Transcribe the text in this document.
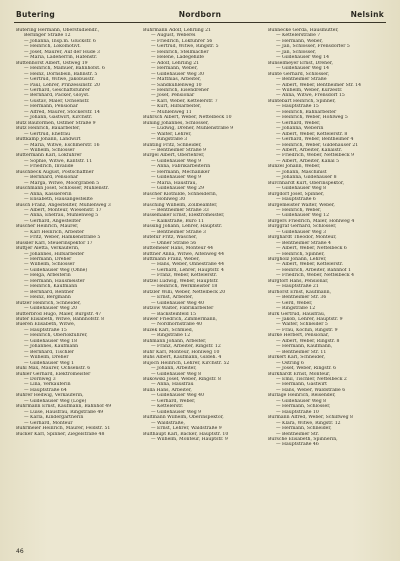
Butering	Nordborn	Nelsink
Butering Hermann, Oberstudiendr.,
Berlinger Straße 12
— Johanna, Insp.m. Glückstr. 6
— Heinrich, Lokomotivf.
— Josef, Maurer, Auf der Hude 3
— Maria, Ladeherrin, Hafenstr.
Buttenhorst Albert, Ostweg 19
— Heinrich, Mamuer, Bahnhofst. 6
— Heinz, Dornsbein, Bahnstr. 5
— Gertrud, Witwe, Jakobusstr.
— Paul, Lehrer, Prinzessinstr. 20
— Gerhard, Geschäftsführer
— Bernhard, Packer, Gloyst.
— Gustav, Maler, Ochsenstr.
— Hermann, Pensionär
— Alfred, Maurer, Stöckerstr. 14
— Johann, Gastwirt, Kirchstr.
Butz Bauformen, Ostmer Straße 9
Butz Heinrich, Bauarbeiter,
— Gertrud, Ehefrau
Buttkamp Johann, Landwirt
— Maria, Witwe, Eschmerstr. 16
— Wilhelm, Schlosser
Buttermann Karl, Lokführer
— Sophie, Witwe, Kantstr. 11
— Friedrich, Invalide
Buschbeck August, Postschaffner
— Bernhard, Pensionär
— Marga, Witwe, Moorgraben 5
Buschmann Josef, Schlosser, Mühlenstr.
— Anna, Kassiererin
— Elisabeth, Hausangestellte
Busch Franz, Angestellter, Mühlenweg 3
— Albert, Monteur, Wiesenstr. 17
— Anna, Ehefrau, Mühlenweg 5
— Gerhard, Angestellter
Buscher Heinrich, Maurer,
— Karl Heinrich, Arbeiter
— Fritz, Weber, Hamkenstraße 5
Bussler Karl, Steuerinspektor 17
Buttjer Aletta, Verkäuferin,
— Johannes, Hilfsarbeiter
— Hermann, Dreher
— Wilhelm, Schlosser
— Gildehauser Weg (Ohne)
— Helga, Arbeiterin
— Hermann, Hausmeister
— Heinrich, Kaufmann
— Bernhard, Rentner
— Heinz, Bergmann
Butzer Heinrich, Schneider,
— Gildehauser Weg 20
Bütterbrod Hugo, Maler, Burgstr. 47
Büter Elisabeth, Witwe, Bahnhofstr. 8
Bueren Elisabeth, Witwe,
— Hauptstraße 15
— Heinrich, Oberlokführer,
— Gildehauser Weg 18
— Johannes, Kaufmann
— Bernhard, Tischler
— Wilhelm, Dreher
— Gildehauser Weg 1
Bühl Max, Maurer, Ochsenstr. 6
Bühler Gerhard, Elektromeister
— Dornweg 3
— Lina, Verkäuferin
— Hauptstraße 64
Bührer Hedwig, Verkäuferin,
— Gildehauser Weg (Loge)
Bührmann Ernst, Kaufmann, Bahnhof 49
— Luise, Hausfrau, Ringstraße 49
— Karla, Kindergärtnerin
— Gerhard, Monteur
Bührmeier Heinrich, Maurer, Feldstr. 51
Bücker Karl, Spinner, Ziegelstraße 48
Bührmann Adolf, Lehrling 21
— August, Weberei
— Friedrich, Lokführer 56
— Gertrud, Witwe, Ringstr. 5
— Heinrich, Stellmacher
— Helene, Ladegehilfe
— Adolf, Lehrling 21
— Hermann, Weber,
— Gildehauser Weg 30
— Matthias, Arbeiter,
— Sandkuhlenweg 10
— Heinrich, Eisendreher
— Josef, Pensionär
— Karl, Weber, Kettelerstr. 7
— Kurt, Hilfsarbeiter,
— Mühlenweg 11
Bührsch Albert, Weber, Nettelbeck 10
Büning Johannes, Schlosser,
— Ludwig, Dreher, Mühlenstraße 9
— Walter, Lehrer,
— Ringstraße 3
Bünting Fritz, Schneider,
— Bentheimer Straße 9
Bürgel Albert, Oberlehrer,
— Gildehauser Weg 9
— Anna, Fabrikarbeiterin
— Hermann, Mechaniker
— Gildehauser Weg 9
— Maria, Hausfrau,
— Gildehauser Weg 29
Büscher Klothilde, Schneiderin,
— Hohlweg 30
Büsching Wilhelm, Zollbeamter,
— Bentheimer Straße 33
Büssemaker Ernst, Elektromeister,
— Kalkstraße, Büro 11
Büssing Johann, Lehrer, Hauptstr.
— Bentheimer Straße 3
Bütefür Fritz, Wäscher,
— Ohner Straße 56
Büttemeier Hans, Monteur 44
Büttner Anna, Witwe, Altenweg 44
Büttmann Franz, Weber,
— Hans, Weber, Ohnestraße 44
— Gerhard, Lehrer, Hauptstr. 4
— Franz, Weber, Kettelerstr.
Bützel Ludwig, Weber, Hauptstr.
— Heinrich, Werkmeister 18
Bützler Willi, Weber, Nettelbeck 20
— Ernst, Arbeiter,
— Gildehauser Weg 40
Bützow Walter, Fabrikarbeiter
— Backsteinfeld 15
Büwer Friedrich, Zimmermann,
— Nordhornstraße 40
Büzek Karl, Schmied,
— Ringstraße 12
Buhmann Johann, Arbeiter,
— Franz, Arbeiter, Ringstr. 12
Buhr Karl, Monteur, Hohlweg 10
Buhs Albert, Kaufmann, Gildeh. 4
Bujoch Heinrich, Lehrer, Kirchstr. 52
— Johann, Arbeiter,
— Gildehauser Weg 8
Bukowski Josef, Weber, Ringstr. 8
— Anna, Hausfrau
Bulla Hans, Arbeiter,
— Gildehauser Weg 40
— Gerhard, Weber,
— Kettelerstr.
— Gildehauser Weg 9
Bultmann Wilhelm, Oberinspektor,
— Waldstraße,
— Ernst, Lehrer, Waldstraße 9
Bulthaupt Karl, Bäcker, Hauptstr. 10
— Wilhelm, Monteur, Hauptstr. 9
Bunnecke Gerda, Hausmutter,
— Kettelerstraße 7
— Hermann, Weber,
— Jan, Schlosser, Frensdorfer 5
— Jan, Schlosser,
— Gildehauser Weg 14
Bunselmeyer Ernst, Dreher,
— Gildehauser Weg 14
Bunte Gerhard, Schlosser,
— Bentheimer Straße
— Albert, Weber, Bentheimer Str. 14
— Wilhelm, Weber, Kurzestr.
— Anna, Witwe, Frensdorf 15
Buntebart Heinrich, Spinner,
— Hauptstraße 15
— Heinrich, Bahnarbeiter
— Heinrich, Weber, Hohlweg 5
— Gerhard, Weber,
— Johanna, Weberin
— Albert, Weber, Kettelerstr. 8
— Gerhard, Weber, Bentheimer 4
— Heinrich, Weber, Gildehauser 21
— Albert, Arbeiter, Kanalstr.
— Friedrich, Weber, Nettelbeck 9
— Albert, Arbeiter, Kanal 5
Bunzel Johann, Weber,
— Johann, Maschinist
— Johanna, Gildehauser 8
Burchhardt Kurt, Oberinspektor,
— Gildehauser Weg 8
Burgdorf Josef, Spinner,
— Hauptstraße 6
Burgemeister Walter, Weber,
— Heinrich, Weber,
— Gildehauser Weg 12
Burgers Friedrich, Maler, Hohlweg 4
Burggräf Gerhard, Schlosser,
— Gildehauser Weg 3
Burghardt Theodor, Monteur,
— Bentheimer Straße 4
— Albert, Weber, Nettelbeck 6
— Heinrich, Spinner,
Burgholz Johann, Lehrer,
— Albert, Weber, Kettelerstr.
— Heinrich, Arbeiter, Bahnhof 1
— Friedrich, Weber, Nettelbeck 4
Burgtorf Hans, Pensionär,
— Hauptstraße 21
Burhorst Ernst, Kaufmann,
— Bentheimer Str. 36
— Gerd, Weber,
— Ringstraße 12
Burk Gertrud, Hausfrau,
— Jakob, Lehrer, Hauptstr. 9
— Walter, Schneider 5
— Frau, Köchin, Ringstr. 9
Burke Herbert, Pensionär,
— Albert, Weber, Ringstr. 8
— Hermann, Kaufmann,
— Bentheimer Str. 11
Burkert Karl, Schneider,
— Ostring 6
— Josef, Weber, Ringstr. 6
Burkhardt Ernst, Monteur,
— Emil, Tischler, Nettelbeck 2
— Hermann, Gastwirt
— Hans, Weber, Waldstraße 6
Burlage Heinrich, Reisender,
— Gildehauser Weg 8
— Hermann, Schlosser,
— Hauptstraße 10
Burmann Alfred, Weber, Schilfweg 8
— Klara, Witwe, Ringstr. 12
— Hermann, Schneider,
— Bentheimer Str.
Bursche Elisabeth, Spinnerin,
— Hauptstraße 46
46
